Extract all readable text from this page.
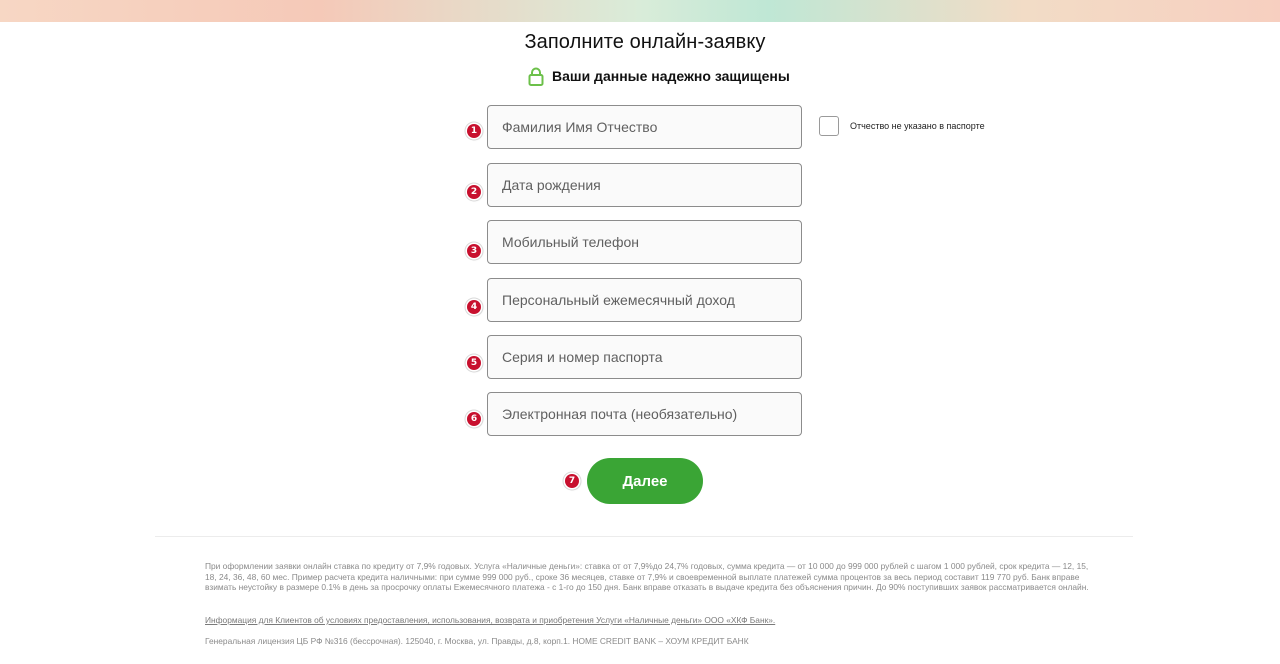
Заполните онлайн-заявку
Ваши данные надежно защищены
1
Фамилия Имя Отчество	Отчество не указано в паспорте
2
Дата рождения
3
Мобильный телефон
4
Персональный ежемесячный доход
5
Серия и номер паспорта
6
Электронная почта (необязательно)
7	Далее
При оформлении заявки онлайн ставка по кредиту от 7,9% годовых. Услуга «Наличные деньги»: ставка от от 7,9%до 24,7% годовых, сумма кредита — от 10 000 до 999 000 рублей с шагом 1 000 рублей, срок кредита — 12, 15, 18, 24, 36, 48, 60 мес. Пример расчета кредита наличными: при сумме 999 000 руб., сроке 36 месяцев, ставке от 7,9% и своевременной выплате платежей сумма процентов за весь период составит 119 770 руб. Банк вправе взимать неустойку в размере 0.1% в день за просрочку оплаты Ежемесячного платежа - с 1-го до 150 дня. Банк вправе отказать в выдаче кредита без объяснения причин. До 90% поступивших заявок рассматривается онлайн.
Информация для Клиентов об условиях предоставления, использования, возврата и приобретения Услуги «Наличные деньги» ООО «ХКФ Банк».
Генеральная лицензия ЦБ РФ №316 (бессрочная). 125040, г. Москва, ул. Правды, д.8, корп.1. HOME CREDIT BANK – ХОУМ КРЕДИТ БАНК
